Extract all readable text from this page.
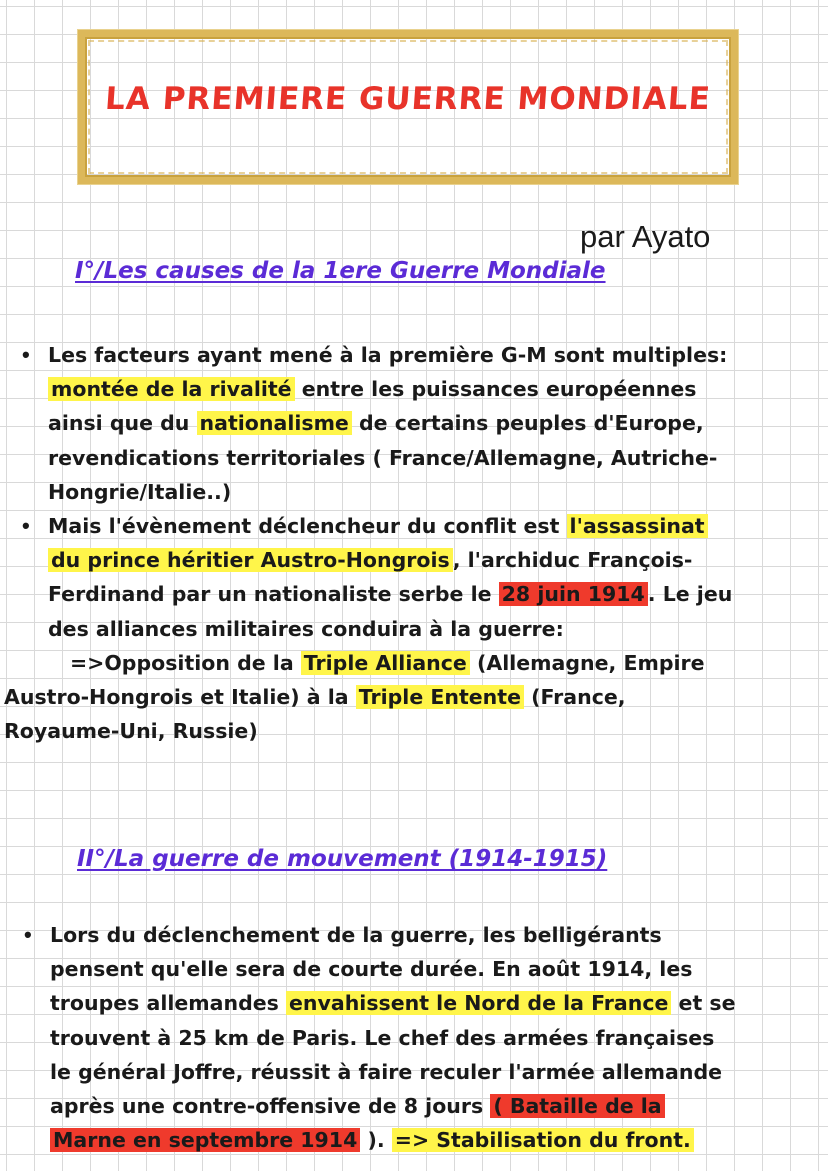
LA PREMIERE GUERRE MONDIALE
par Ayato
I°/Les causes de la 1ere Guerre Mondiale
• Les facteurs ayant mené à la première G-M sont multiples:
montée de la rivalité entre les puissances européennes
ainsi que du nationalisme de certains peuples d'Europe,
revendications territoriales ( France/Allemagne, Autriche-
Hongrie/Italie..)
• Mais l'évènement déclencheur du conflit est l'assassinat
du prince héritier Austro-Hongrois , l'archiduc François-
Ferdinand par un nationaliste serbe le 28 juin 1914 . Le jeu
des alliances militaires conduira à la guerre:
=>Opposition de la Triple Alliance (Allemagne, Empire
Austro-Hongrois et Italie) à la Triple Entente (France,
Royaume-Uni, Russie)
II°/La guerre de mouvement (1914-1915)
• Lors du déclenchement de la guerre, les belligérants
pensent qu'elle sera de courte durée. En août 1914, les
troupes allemandes envahissent le Nord de la France et se
trouvent à 25 km de Paris. Le chef des armées françaises
le général Joffre, réussit à faire reculer l'armée allemande
après une contre-offensive de 8 jours ( Bataille de la
Marne en septembre 1914 ). => Stabilisation du front.
